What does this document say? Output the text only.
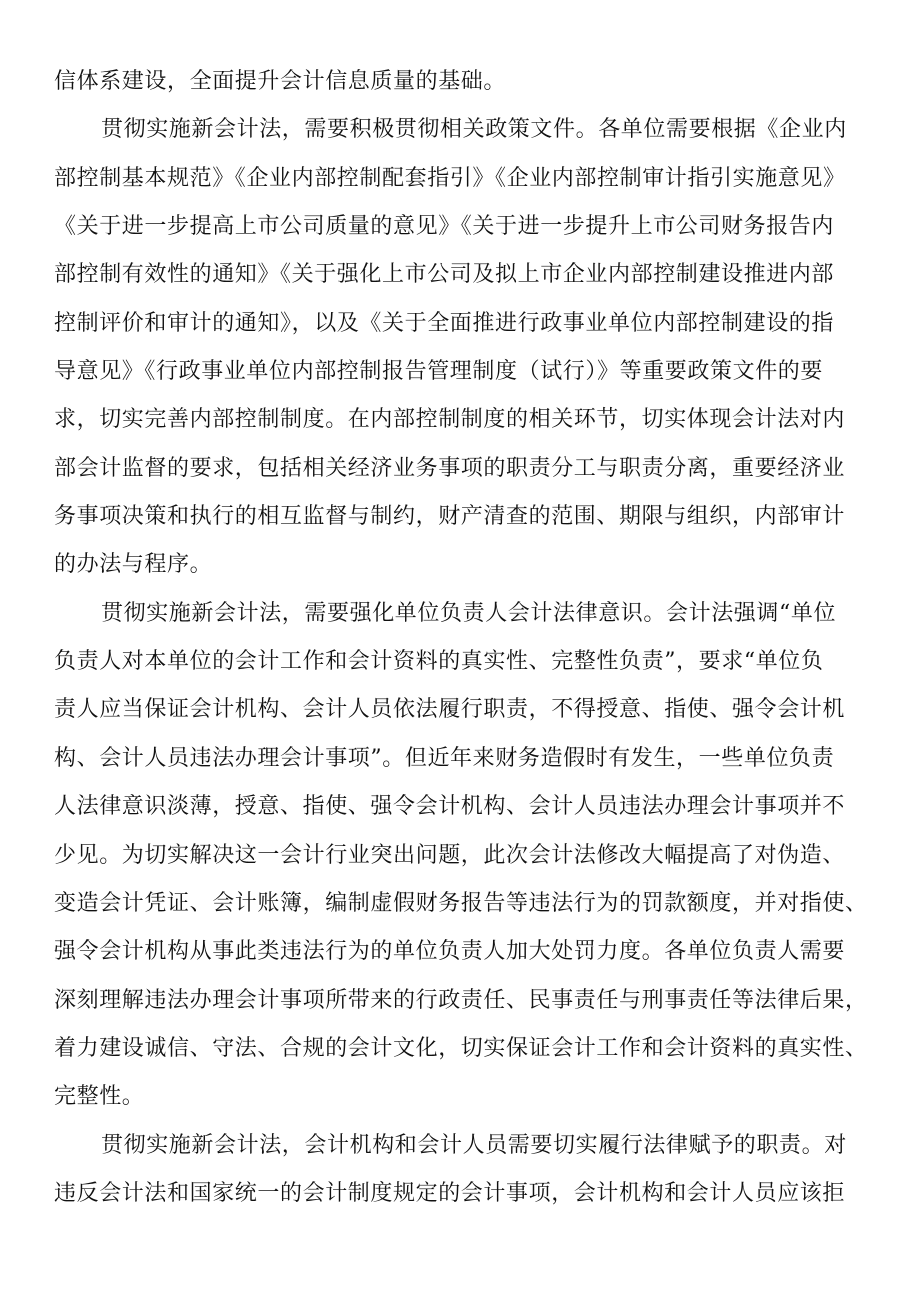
信体系建设，全面提升会计信息质量的基础。
贯彻实施新会计法，需要积极贯彻相关政策文件。各单位需要根据《企业内
部控制基本规范》《企业内部控制配套指引》《企业内部控制审计指引实施意见》
《关于进一步提高上市公司质量的意见》《关于进一步提升上市公司财务报告内
部控制有效性的通知》《关于强化上市公司及拟上市企业内部控制建设推进内部
控制评价和审计的通知》，以及《关于全面推进行政事业单位内部控制建设的指
导意见》《行政事业单位内部控制报告管理制度（试行）》等重要政策文件的要
求，切实完善内部控制制度。在内部控制制度的相关环节，切实体现会计法对内
部会计监督的要求，包括相关经济业务事项的职责分工与职责分离，重要经济业
务事项决策和执行的相互监督与制约，财产清查的范围、期限与组织，内部审计
的办法与程序。
贯彻实施新会计法，需要强化单位负责人会计法律意识。会计法强调“单位
负责人对本单位的会计工作和会计资料的真实性、完整性负责”，要求“单位负
责人应当保证会计机构、会计人员依法履行职责，不得授意、指使、强令会计机
构、会计人员违法办理会计事项”。但近年来财务造假时有发生，一些单位负责
人法律意识淡薄，授意、指使、强令会计机构、会计人员违法办理会计事项并不
少见。为切实解决这一会计行业突出问题，此次会计法修改大幅提高了对伪造、
变造会计凭证、会计账簿，编制虚假财务报告等违法行为的罚款额度，并对指使、
强令会计机构从事此类违法行为的单位负责人加大处罚力度。各单位负责人需要
深刻理解违法办理会计事项所带来的行政责任、民事责任与刑事责任等法律后果，
着力建设诚信、守法、合规的会计文化，切实保证会计工作和会计资料的真实性、
完整性。
贯彻实施新会计法，会计机构和会计人员需要切实履行法律赋予的职责。对
违反会计法和国家统一的会计制度规定的会计事项，会计机构和会计人员应该拒
